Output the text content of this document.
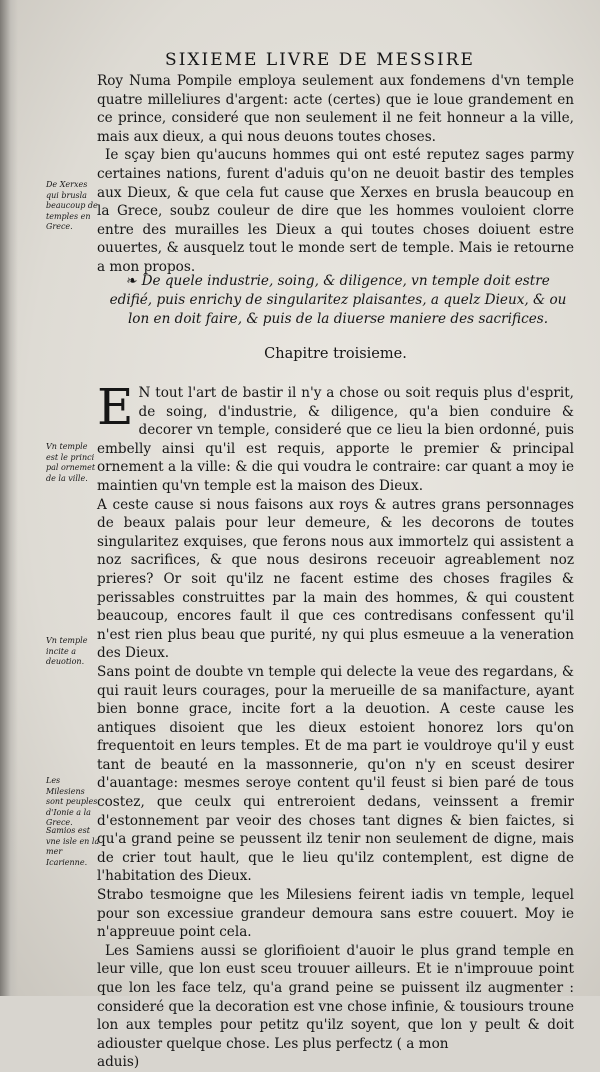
SIXIEME LIVRE DE MESSIRE

Roy Numa Pompile employa seulement aux fondemens d'vn temple quatre milleliures d'argent: acte (certes) que ie loue grandement en ce prince, consideré que non seulement il ne feit honneur a la ville, mais aux dieux, a qui nous deuons toutes choses.

Ie sçay bien qu'aucuns hommes qui ont esté reputez sages parmy certaines nations, furent d'aduis qu'on ne deuoit bastir des temples aux Dieux, & que cela fut cause que Xerxes en brusla beaucoup en la Grece, soubz couleur de dire que les hommes vouloient clorre entre des murailles les Dieux a qui toutes choses doiuent estre ouuertes, & ausquelz tout le monde sert de temple. Mais ie retourne a mon propos.

De Xerxes qui brusla beaucoup de temples en Grece.
❧ De quele industrie, soing, & diligence, vn temple doit estre edifié, puis enrichy de singularitez plaisantes, a quelz Dieux, & ou lon en doit faire, & puis de la diuerse maniere des sacrifices.
Chapitre troisieme.

E N tout l'art de bastir il n'y a chose ou soit requis plus d'esprit, de soing, d'industrie, & diligence, qu'a bien conduire & decorer vn temple, consideré que ce lieu la bien ordonné, puis embelly ainsi qu'il est requis, apporte le premier & principal ornement a la ville: & die qui voudra le contraire: car quant a moy ie maintien qu'vn temple est la maison des Dieux.

A ceste cause si nous faisons aux roys & autres grans personnages de beaux palais pour leur demeure, & les decorons de toutes singularitez exquises, que ferons nous aux immortelz qui assistent a noz sacrifices, & que nous desirons receuoir agreablement noz prieres? Or soit qu'ilz ne facent estime des choses fragiles & perissables construittes par la main des hommes, & qui coustent beaucoup, encores fault il que ces contredisans confessent qu'il n'est rien plus beau que purité, ny qui plus esmeuue a la veneration des Dieux.

Sans point de doubte vn temple qui delecte la veue des regardans, & qui rauit leurs courages, pour la merueille de sa manifacture, ayant bien bonne grace, incite fort a la deuotion. A ceste cause les antiques disoient que les dieux estoient honorez lors qu'on frequentoit en leurs temples. Et de ma part ie vouldroye qu'il y eust tant de beauté en la massonnerie, qu'on n'y en sceust desirer d'auantage: mesmes seroye content qu'il feust si bien paré de tous costez, que ceulx qui entreroient dedans, veinssent a fremir d'estonnement par veoir des choses tant dignes & bien faictes, si qu'a grand peine se peussent ilz tenir non seulement de digne, mais de crier tout hault, que le lieu qu'ilz contemplent, est digne de l'habitation des Dieux.

Strabo tesmoigne que les Milesiens feirent iadis vn temple, lequel pour son excessiue grandeur demoura sans estre couuert. Moy ie n'appreuue point cela.

Les Samiens aussi se glorifioient d'auoir le plus grand temple en leur ville, que lon eust sceu trouuer ailleurs. Et ie n'improuue point que lon les face telz, qu'a grand peine se puissent ilz augmenter : consideré que la decoration est vne chose infinie, & tousiours troune lon aux temples pour petitz qu'ilz soyent, que lon y peult & doit adiouster quelque chose. Les plus perfectz ( a mon

aduis)

Vn temple est le princi pal ornemet de la ville.
Vn temple incite a deuotion.
Les Milesiens sont peuples d'Ionie a la Grece.
Samios est vne isle en la mer Icarienne.
